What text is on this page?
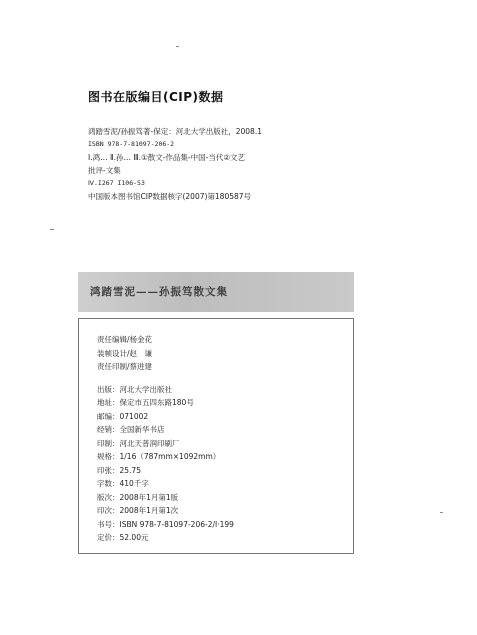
图书在版编目(CIP)数据
鸿踏雪泥/孙振笃著-保定：河北大学出版社，2008.1
ISBN 978-7-81097-206-2
Ⅰ.鸿… Ⅱ.孙… Ⅲ.①散文-作品集-中国-当代②文艺
批评-文集
Ⅳ.I267 I106-53
中国版本图书馆CIP数据核字(2007)第180587号
鸿踏雪泥——孙振笃散文集
责任编辑/杨金花
装帧设计/赵　谦
责任印制/蔡进建
出版：河北大学出版社
地址：保定市五四东路180号
邮编：071002
经销：全国新华书店
印制：河北天普润印刷厂
规格：1/16（787mm×1092mm）
印张：25.75
字数：410千字
版次：2008年1月第1版
印次：2008年1月第1次
书号：ISBN 978-7-81097-206-2/I·199
定价：52.00元
